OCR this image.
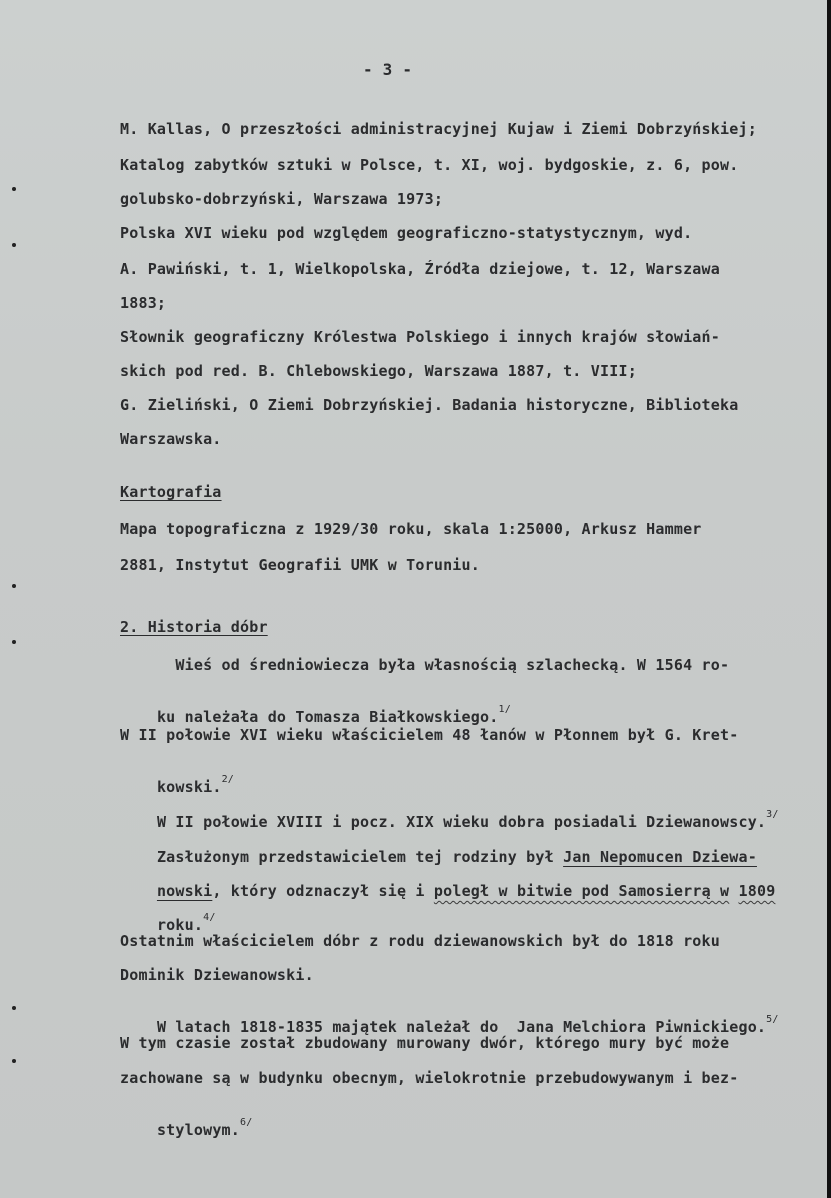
- 3 -
M. Kallas, O przeszłości administracyjnej Kujaw i Ziemi Dobrzyńskiej;
Katalog zabytków sztuki w Polsce, t. XI, woj. bydgoskie, z. 6, pow.
golubsko-dobrzyński, Warszawa 1973;
Polska XVI wieku pod względem geograficzno-statystycznym, wyd.
A. Pawiński, t. 1, Wielkopolska, Źródła dziejowe, t. 12, Warszawa
1883;
Słownik geograficzny Królestwa Polskiego i innych krajów słowiań-
skich pod red. B. Chlebowskiego, Warszawa 1887, t. VIII;
G. Zieliński, O Ziemi Dobrzyńskiej. Badania historyczne, Biblioteka
Warszawska.
Kartografia
Mapa topograficzna z 1929/30 roku, skala 1:25000, Arkusz Hammer
2881, Instytut Geografii UMK w Toruniu.
2. Historia dóbr
Wieś od średniowiecza była własnością szlachecką. W 1564 ro-

ku należała do Tomasza Białkowskiego.$^{1/}$

W II połowie XVI wieku właścicielem 48 łanów w Płonnem był G. Kret-

kowski.$^{2/}$

W II połowie XVIII i pocz. XIX wieku dobra posiadali Dziewanowscy.$^{3/}$

Zasłużonym przedstawicielem tej rodziny był Jan Nepomucen Dziewa-

nowski, który odznaczył się i poległ w bitwie pod Samosierrą w 1809

roku.$^{4/}$

Ostatnim właścicielem dóbr z rodu dziewanowskich był do 1818 roku
Dominik Dziewanowski.

W latach 1818-1835 majątek należał do  Jana Melchiora Piwnickiego.$^{5/}$

W tym czasie został zbudowany murowany dwór, którego mury być może
zachowane są w budynku obecnym, wielokrotnie przebudowywanym i bez-

stylowym.$^{6/}$
